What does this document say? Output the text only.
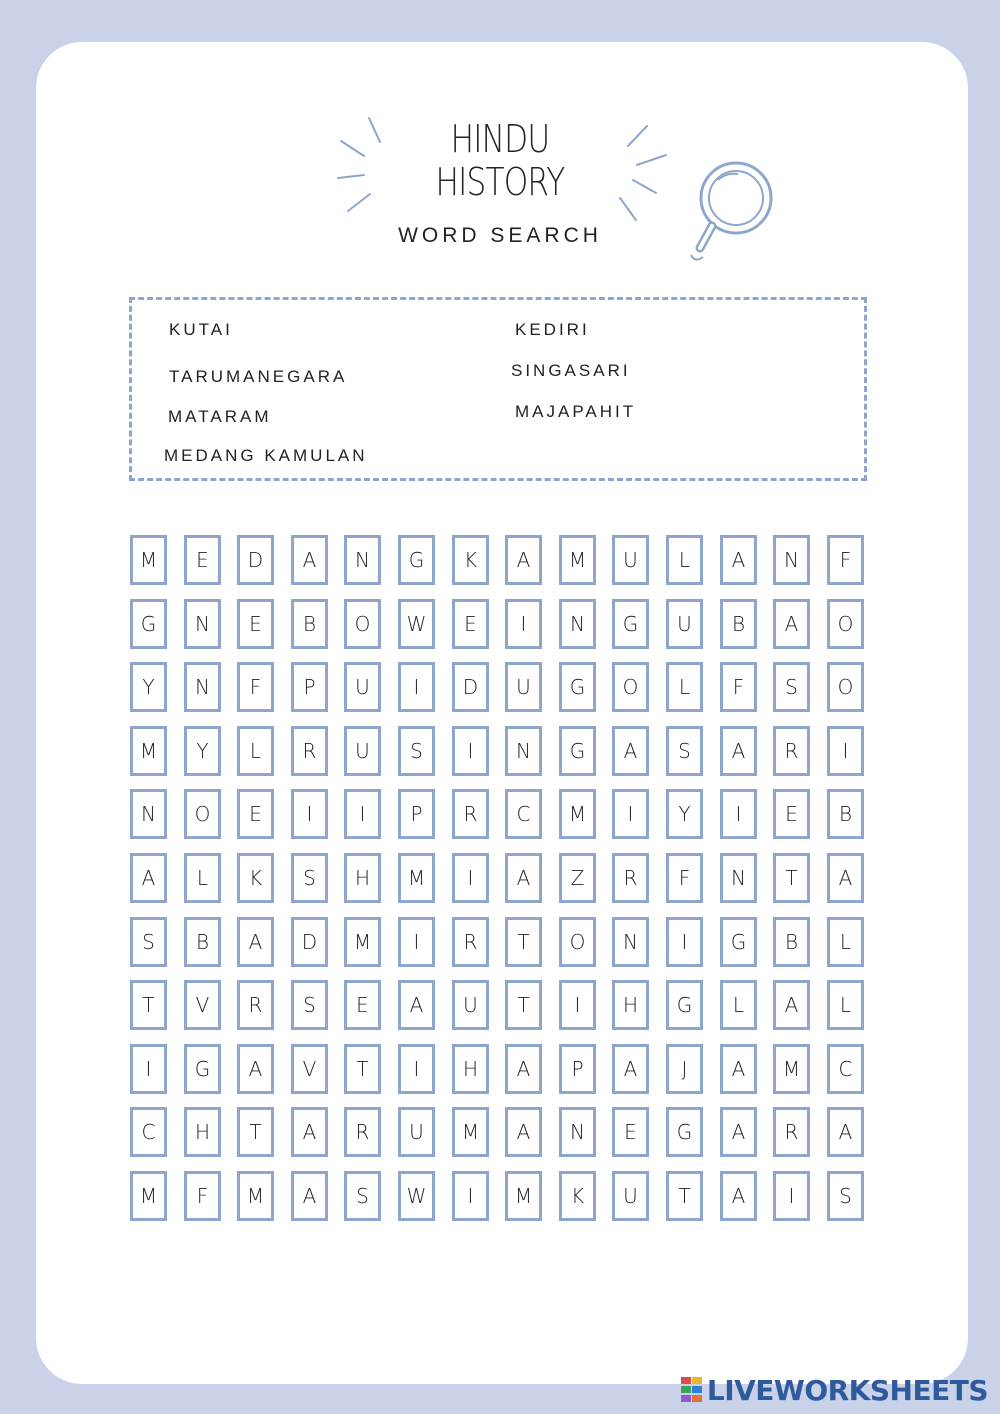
HINDU
HISTORY
WORD SEARCH
KUTAI
TARUMANEGARA
MATARAM
MEDANG KAMULAN
KEDIRI
SINGASARI
MAJAPAHIT
M	E	D	A	N	G	K	A	M	U	L	A	N	F
G	N	E	B	O	W	E	I	N	G	U	B	A	O
Y	N	F	P	U	I	D	U	G	O	L	F	S	O
M	Y	L	R	U	S	I	N	G	A	S	A	R	I
N	O	E	I	I	P	R	C	M	I	Y	I	E	B
A	L	K	S	H	M	I	A	Z	R	F	N	T	A
S	B	A	D	M	I	R	T	O	N	I	G	B	L
T	V	R	S	E	A	U	T	I	H	G	L	A	L
I	G	A	V	T	I	H	A	P	A	J	A	M	C
C	H	T	A	R	U	M	A	N	E	G	A	R	A
M	F	M	A	S	W	I	M	K	U	T	A	I	S
LIVEWORKSHEETS
